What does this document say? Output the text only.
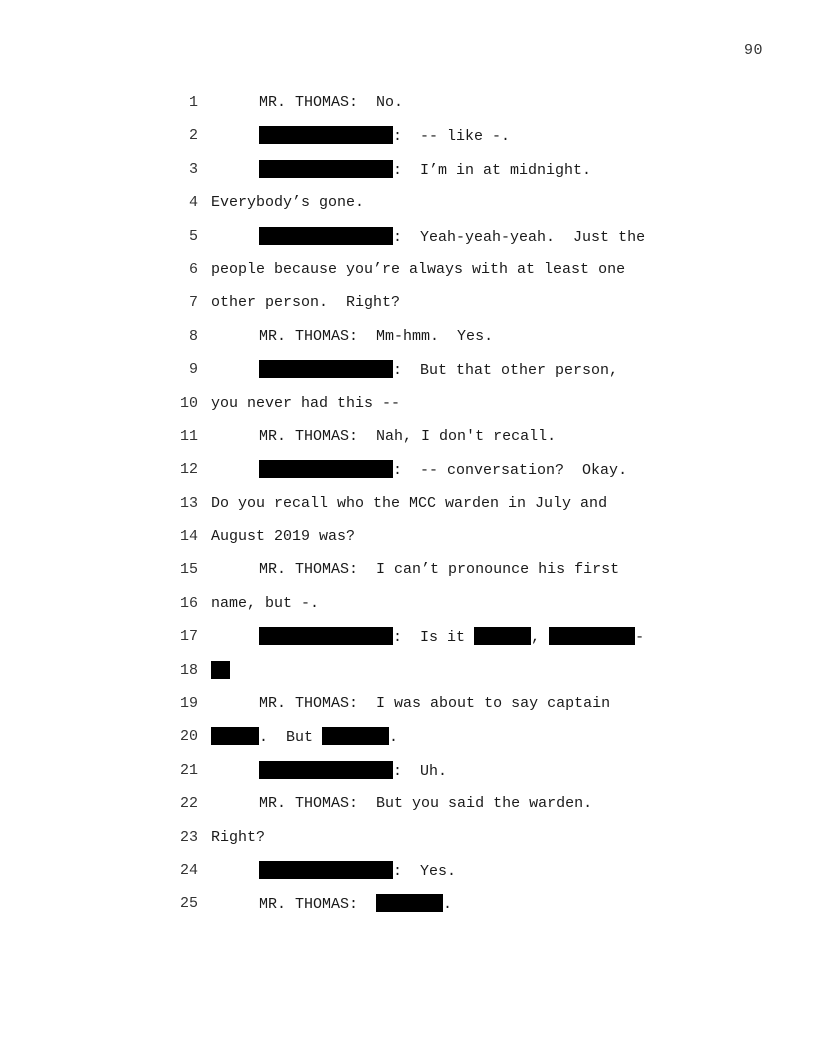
90
1	MR. THOMAS: No.
2	: -- like -.
3	: I’m in at midnight.
4 Everybody’s gone.
5	: Yeah-yeah-yeah.  Just the
6 people because you’re always with at least one
7 other person.  Right?
8	MR. THOMAS: Mm-hmm.  Yes.
9	: But that other person,
10 you never had this --
11	MR. THOMAS: Nah, I don't recall.
12	: -- conversation?  Okay.
13 Do you recall who the MCC warden in July and
14 August 2019 was?
15	MR. THOMAS: I can’t pronounce his first
16 name, but -.
17	: Is it	,	-
18
19	MR. THOMAS: I was about to say captain
20	.  But	.
21	: Uh.
22	MR. THOMAS: But you said the warden.
23 Right?
24	: Yes.
25	MR. THOMAS:	.
